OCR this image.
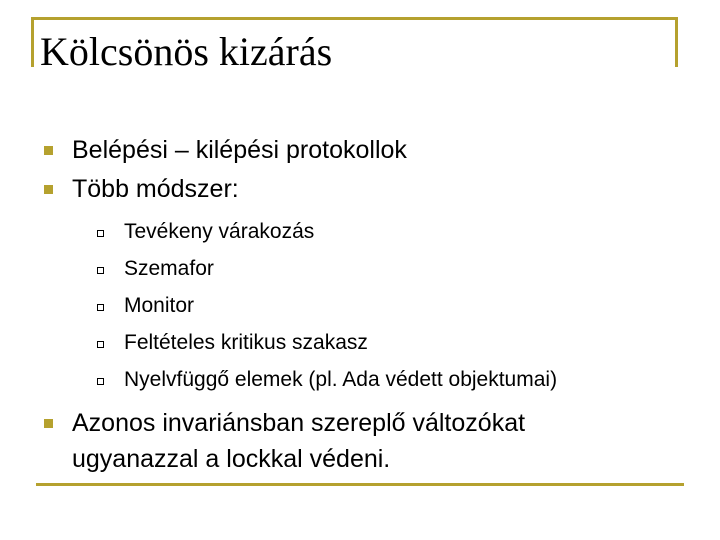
Kölcsönös kizárás
Belépési – kilépési protokollok
Több módszer:
Tevékeny várakozás
Szemafor
Monitor
Feltételes kritikus szakasz
Nyelvfüggő elemek (pl. Ada védett objektumai)
Azonos invariánsban szereplő változókat
ugyanazzal a lockkal védeni.
